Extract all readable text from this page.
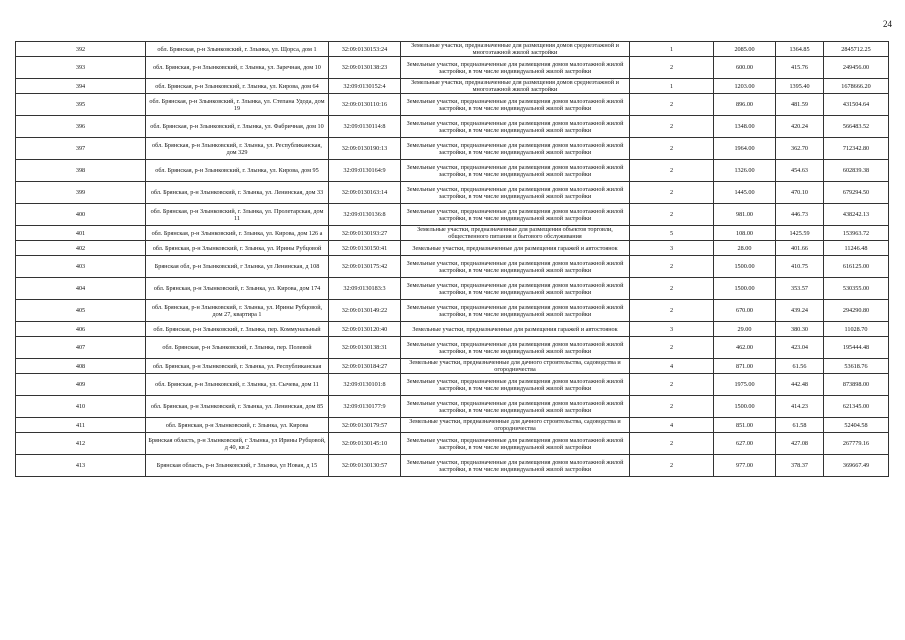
24
392	обл. Брянская, р-н Злынковский, г. Злынка, ул. Щорса, дом 1	32:09:0130153:24	Земельные участки, предназначенные для размещения домов среднеэтажной и многоэтажной жилой застройки	1	2085.00	1364.85	2845712.25
393	обл. Брянская, р-н Злынковский, г. Злынка, ул. Заречная, дом 10	32:09:0130138:23	Земельные участки, предназначенные для размещения домов малоэтажной жилой застройки, в том числе индивидуальной жилой застройки	2	600.00	415.76	249456.00
394	обл. Брянская, р-н Злынковский, г. Злынка, ул. Кирова, дом 64	32:09:0130152:4	Земельные участки, предназначенные для размещения домов среднеэтажной и многоэтажной жилой застройки	1	1203.00	1395.40	1678666.20
395	обл. Брянская, р-н Злынковский, г. Злынка, ул. Степана Удода, дом 19	32:09:0130110:16	Земельные участки, предназначенные для размещения домов малоэтажной жилой застройки, в том числе индивидуальной жилой застройки	2	896.00	481.59	431504.64
396	обл. Брянская, р-н Злынковский, г. Злынка, ул. Фабричная, дом 10	32:09:0130114:8	Земельные участки, предназначенные для размещения домов малоэтажной жилой застройки, в том числе индивидуальной жилой застройки	2	1348.00	420.24	566483.52
397	обл. Брянская, р-н Злынковский, г. Злынка, ул. Республиканская, дом 329	32:09:0130190:13	Земельные участки, предназначенные для размещения домов малоэтажной жилой застройки, в том числе индивидуальной жилой застройки	2	1964.00	362.70	712342.80
398	обл. Брянская, р-н Злынковский, г. Злынка, ул. Кирова, дом 95	32:09:0130164:9	Земельные участки, предназначенные для размещения домов малоэтажной жилой застройки, в том числе индивидуальной жилой застройки	2	1326.00	454.63	602839.38
399	обл. Брянская, р-н Злынковский, г. Злынка, ул. Ленинская, дом 33	32:09:0130163:14	Земельные участки, предназначенные для размещения домов малоэтажной жилой застройки, в том числе индивидуальной жилой застройки	2	1445.00	470.10	679294.50
400	обл. Брянская, р-н Злынковский, г. Злынка, ул. Пролетарская, дом 11	32:09:0130136:8	Земельные участки, предназначенные для размещения домов малоэтажной жилой застройки, в том числе индивидуальной жилой застройки	2	981.00	446.73	438242.13
401	обл. Брянская, р-н Злынковский, г. Злынка, ул. Кирова, дом 126 а	32:09:0130193:27	Земельные участки, предназначенные для размещения объектов торговли, общественного питания и бытового обслуживания	5	108.00	1425.59	153963.72
402	обл. Брянская, р-н Злынковский, г. Злынка, ул. Ирины Рубцовой	32:09:0130150:41	Земельные участки, предназначенные для размещения гаражей и автостоянок	3	28.00	401.66	11246.48
403	Брянская обл, р-н Злынковский, г Злынка, ул Ленинская, д 108	32:09:0130175:42	Земельные участки, предназначенные для размещения домов малоэтажной жилой застройки, в том числе индивидуальной жилой застройки	2	1500.00	410.75	616125.00
404	обл. Брянская, р-н Злынковский, г. Злынка, ул. Кирова, дом 174	32:09:0130183:3	Земельные участки, предназначенные для размещения домов малоэтажной жилой застройки, в том числе индивидуальной жилой застройки	2	1500.00	353.57	530355.00
405	обл. Брянская, р-н Злынковский, г. Злынка, ул. Ирины Рубцовой, дом 27, квартира 1	32:09:0130149:22	Земельные участки, предназначенные для размещения домов малоэтажной жилой застройки, в том числе индивидуальной жилой застройки	2	670.00	439.24	294290.80
406	обл. Брянская, р-н Злынковский, г. Злынка, пер. Коммунальный	32:09:0130120:40	Земельные участки, предназначенные для размещения гаражей и автостоянок	3	29.00	380.30	11028.70
407	обл. Брянская, р-н Злынковский, г. Злынка, пер. Полевой	32:09:0130138:31	Земельные участки, предназначенные для размещения домов малоэтажной жилой застройки, в том числе индивидуальной жилой застройки	2	462.00	423.04	195444.48
408	обл. Брянская, р-н Злынковский, г. Злынка, ул. Республиканская	32:09:0130184:27	Земельные участки, предназначенные для дачного строительства, садоводства и огородничества	4	871.00	61.56	53618.76
409	обл. Брянская, р-н Злынковский, г. Злынка, ул. Сычева, дом 11	32:09:0130101:8	Земельные участки, предназначенные для размещения домов малоэтажной жилой застройки, в том числе индивидуальной жилой застройки	2	1975.00	442.48	873898.00
410	обл. Брянская, р-н Злынковский, г. Злынка, ул. Ленинская, дом 85	32:09:0130177:9	Земельные участки, предназначенные для размещения домов малоэтажной жилой застройки, в том числе индивидуальной жилой застройки	2	1500.00	414.23	621345.00
411	обл. Брянская, р-н Злынковский, г. Злынка, ул. Кирова	32:09:0130179:57	Земельные участки, предназначенные для дачного строительства, садоводства и огородничества	4	851.00	61.58	52404.58
412	Брянская область, р-н Злынковский, г Злынка, ул Ирины Рубцовой, д 40, кв 2	32:09:0130145:10	Земельные участки, предназначенные для размещения домов малоэтажной жилой застройки, в том числе индивидуальной жилой застройки	2	627.00	427.08	267779.16
413	Брянская область, р-н Злынковский, г Злынка, ул Новая, д 15	32:09:0130130:57	Земельные участки, предназначенные для размещения домов малоэтажной жилой застройки, в том числе индивидуальной жилой застройки	2	977.00	378.37	369667.49
